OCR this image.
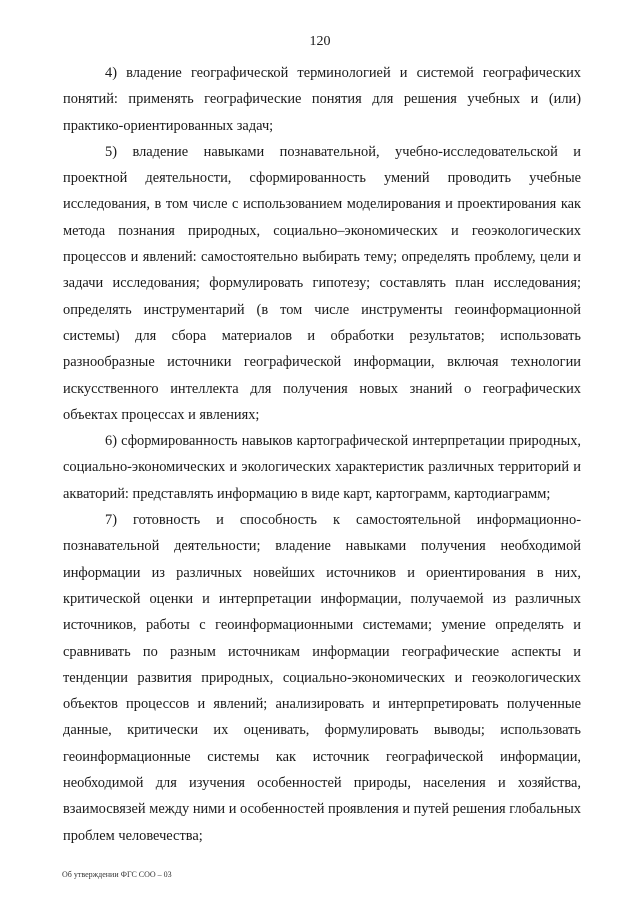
120

4) владение географической терминологией и системой географических понятий: применять географические понятия для решения учебных и (или) практико-ориентированных задач;

5) владение навыками познавательной, учебно-исследовательской и проектной деятельности, сформированность умений проводить учебные исследования, в том числе с использованием моделирования и проектирования как метода познания природных, социально–экономических и геоэкологических процессов и явлений: самостоятельно выбирать тему; определять проблему, цели и задачи исследования; формулировать гипотезу; составлять план исследования; определять инструментарий (в том числе инструменты геоинформационной системы) для сбора материалов и обработки результатов; использовать разнообразные источники географической информации, включая технологии искусственного интеллекта для получения новых знаний о географических объектах процессах и явлениях;

6) сформированность навыков картографической интерпретации природных, социально-экономических и экологических характеристик различных территорий и акваторий: представлять информацию в виде карт, картограмм, картодиаграмм;

7) готовность и способность к самостоятельной информационно-познавательной деятельности; владение навыками получения необходимой информации из различных новейших источников и ориентирования в них, критической оценки и интерпретации информации, получаемой из различных источников, работы с геоинформационными системами; умение определять и сравнивать по разным источникам информации географические аспекты и тенденции развития природных, социально-экономических и геоэкологических объектов процессов и явлений; анализировать и интерпретировать полученные данные, критически их оценивать, формулировать выводы; использовать геоинформационные системы как источник географической информации, необходимой для изучения особенностей природы, населения и хозяйства, взаимосвязей между ними и особенностей проявления и путей решения глобальных проблем человечества;

Об утверждении ФГС СОО – 03
